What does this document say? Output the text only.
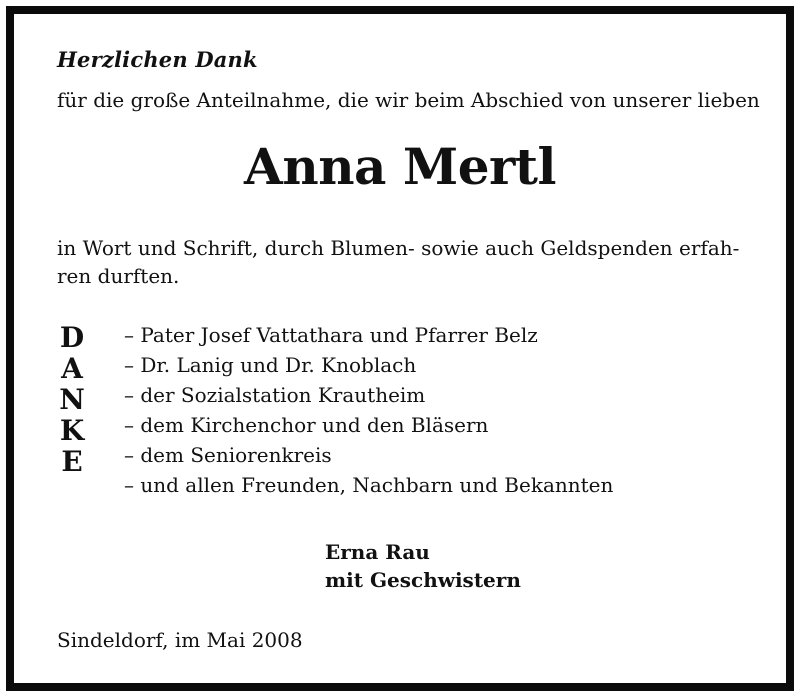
Herzlichen Dank
für die große Anteilnahme, die wir beim Abschied von unserer lieben
Anna Mertl
in Wort und Schrift, durch Blumen- sowie auch Geldspenden erfah-
ren durften.
D
A
N
K
E
– Pater Josef Vattathara und Pfarrer Belz
– Dr. Lanig und Dr. Knoblach
– der Sozialstation Krautheim
– dem Kirchenchor und den Bläsern
– dem Seniorenkreis
– und allen Freunden, Nachbarn und Bekannten
Erna Rau
mit Geschwistern
Sindeldorf, im Mai 2008
